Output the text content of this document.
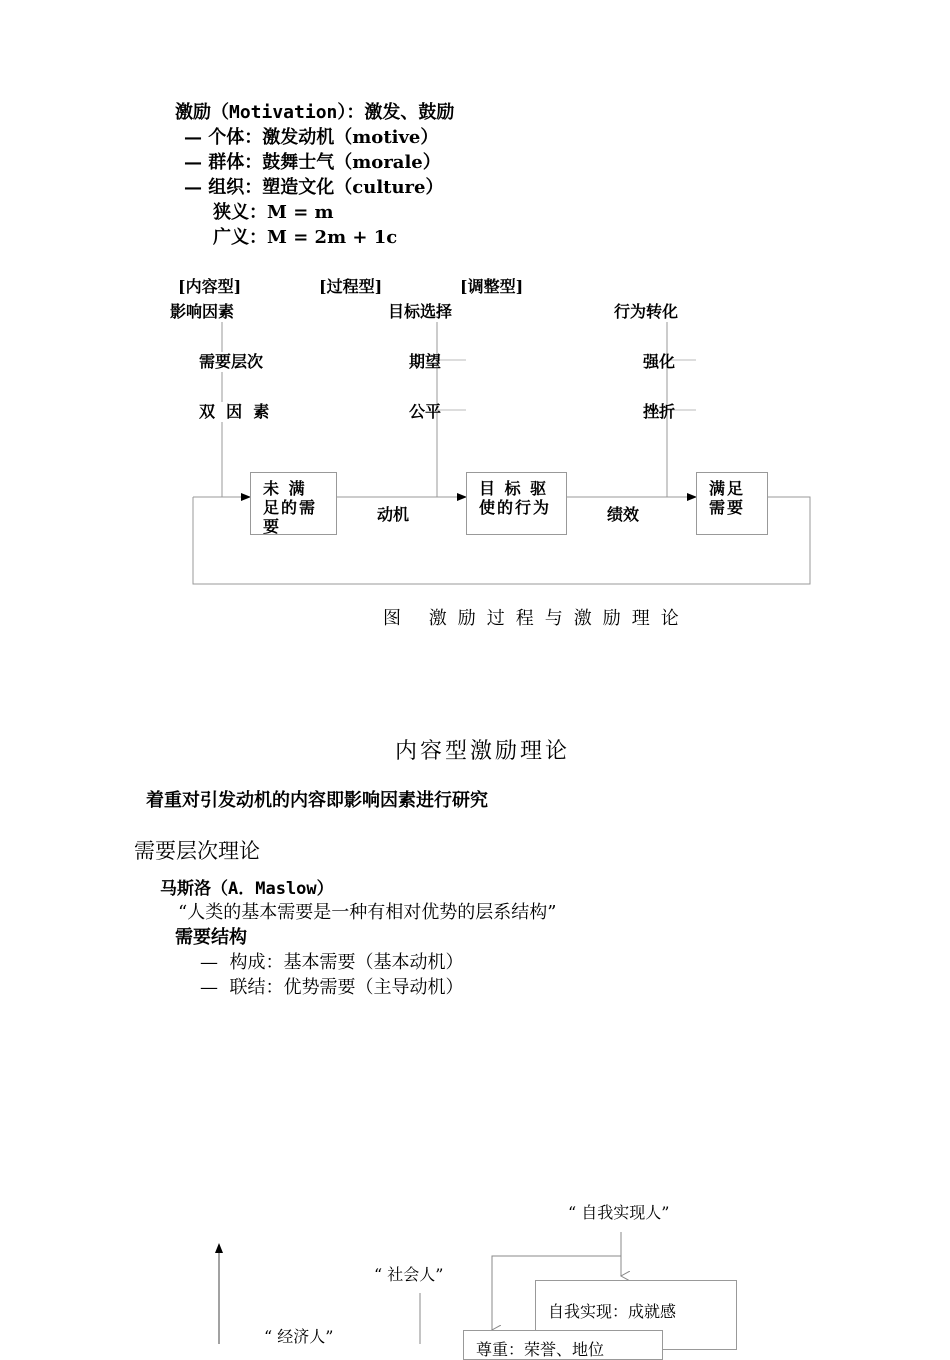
激励（Motivation）：激发、鼓励
— 个体：激发动机（motive）
— 群体：鼓舞士气（morale）
— 组织：塑造文化（culture）
狭义：M = m
广义：M = 2m + 1c
[内容型]	[过程型]	[调整型]
影响因素	目标选择	行为转化
需要层次
双  因  素
期望
公平
强化
挫折
未 满 足的需要
目 标 驱 使的行为
满足需要
动机	绩效
图 激励过程与激励理论
内容型激励理论
着重对引发动机的内容即影响因素进行研究
需要层次理论
马斯洛（A．Maslow）
“人类的基本需要是一种有相对优势的层系结构”
需要结构
—  构成：基本需要（基本动机）
—  联结：优势需要（主导动机）
“ 自我实现人”
“ 社会人”
“ 经济人”
自我实现：成就感
尊重：荣誉、地位
